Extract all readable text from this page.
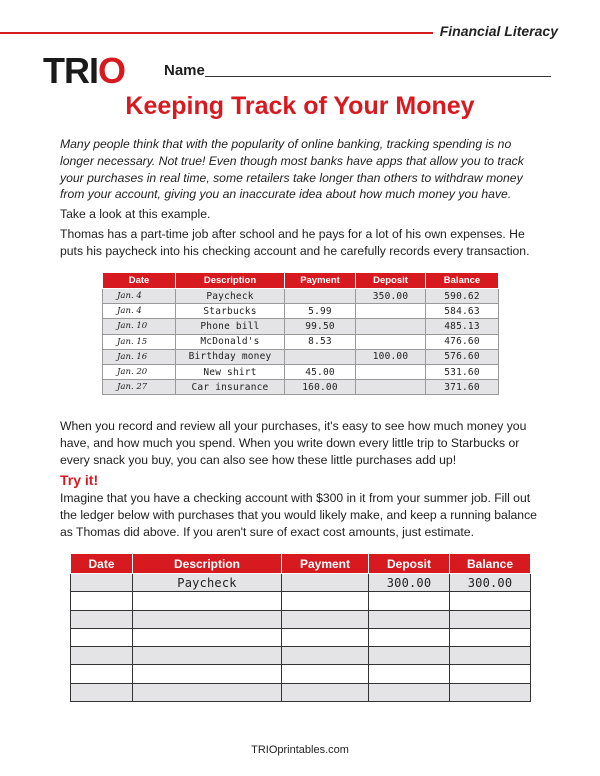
Financial Literacy
TRIO	Name
Keeping Track of Your Money

Many people think that with the popularity of online banking, tracking spending is no longer necessary. Not true! Even though most banks have apps that allow you to track your purchases in real time, some retailers take longer than others to withdraw money from your account, giving you an inaccurate idea about how much money you have.

Take a look at this example.

Thomas has a part-time job after school and he pays for a lot of his own expenses. He puts his paycheck into his checking account and he carefully records every transaction.

Date	Description	Payment	Deposit	Balance
Jan. 4	Paycheck		350.00	590.62
Jan. 4	Starbucks	5.99		584.63
Jan. 10	Phone bill	99.50		485.13
Jan. 15	McDonald's	8.53		476.60
Jan. 16	Birthday money		100.00	576.60
Jan. 20	New shirt	45.00		531.60
Jan. 27	Car insurance	160.00		371.60

When you record and review all your purchases, it's easy to see how much money you have, and how much you spend. When you write down every little trip to Starbucks or every snack you buy, you can also see how these little purchases add up!

Try it!

Imagine that you have a checking account with $300 in it from your summer job. Fill out the ledger below with purchases that you would likely make, and keep a running balance as Thomas did above. If you aren't sure of exact cost amounts, just estimate.

Date	Description	Payment	Deposit	Balance
	Paycheck		300.00	300.00

TRIOprintables.com
